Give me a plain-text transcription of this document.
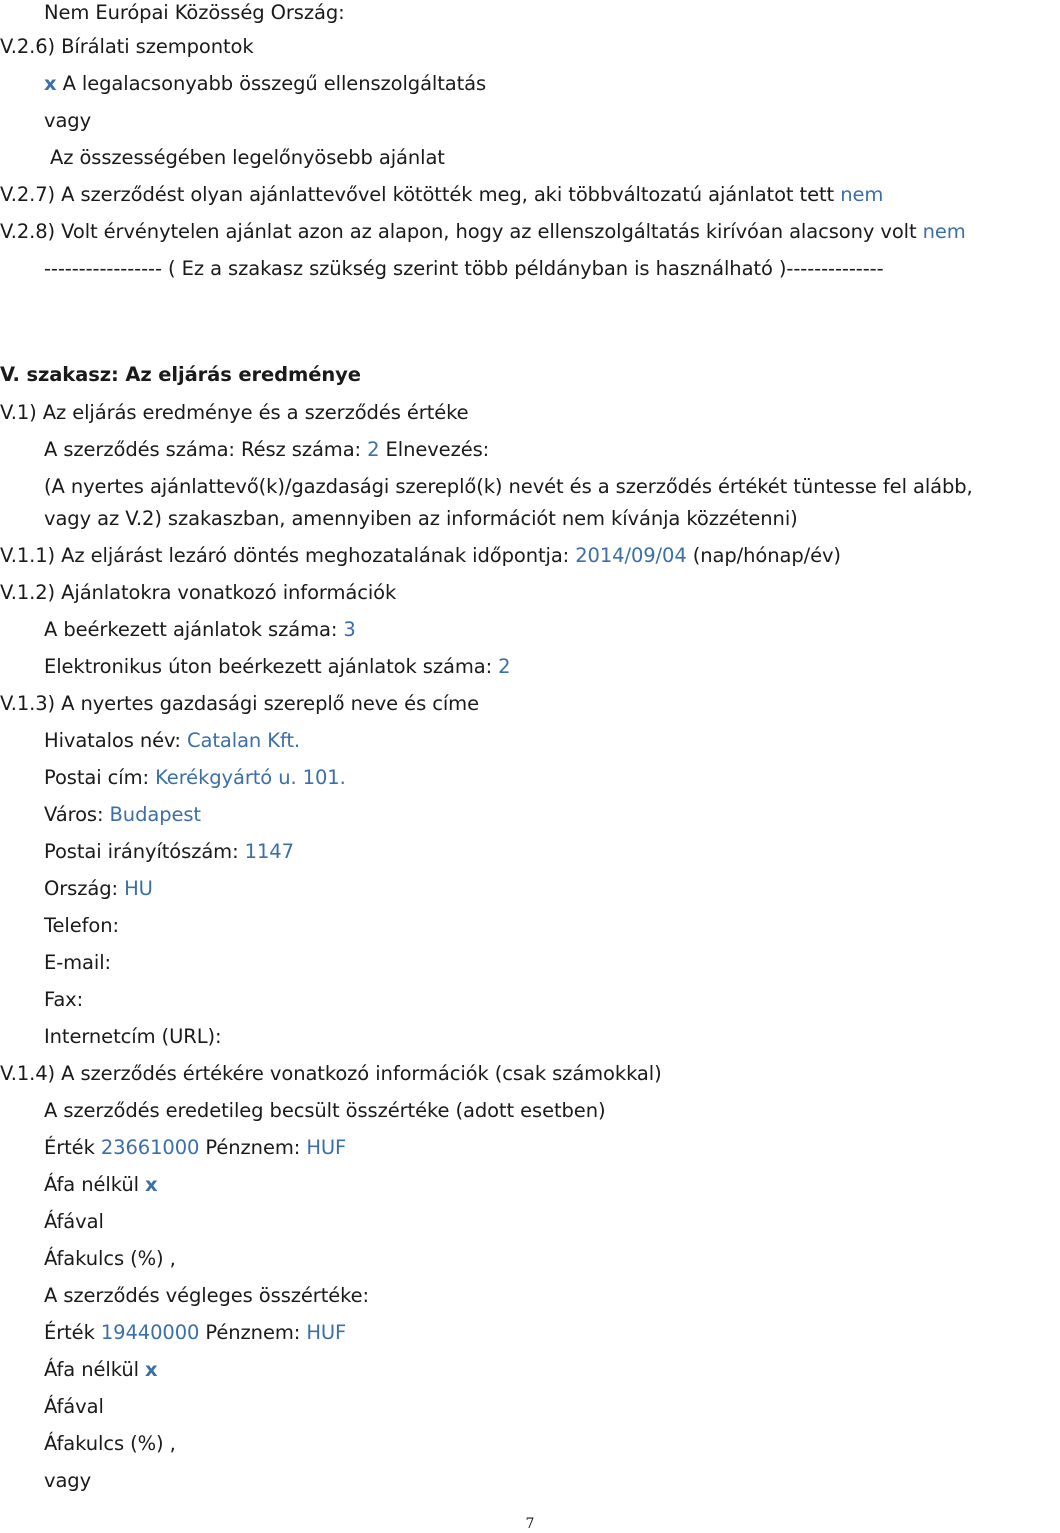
Nem Európai Közösség Ország:
V.2.6) Bírálati szempontok
x A legalacsonyabb összegű ellenszolgáltatás
vagy
Az összességében legelőnyösebb ajánlat
V.2.7) A szerződést olyan ajánlattevővel kötötték meg, aki többváltozatú ajánlatot tett nem
V.2.8) Volt érvénytelen ajánlat azon az alapon, hogy az ellenszolgáltatás kirívóan alacsony volt nem
----------------- ( Ez a szakasz szükség szerint több példányban is használható )--------------
V. szakasz: Az eljárás eredménye
V.1) Az eljárás eredménye és a szerződés értéke
A szerződés száma: Rész száma: 2 Elnevezés:
(A nyertes ajánlattevő(k)/gazdasági szereplő(k) nevét és a szerződés értékét tüntesse fel alább,
vagy az V.2) szakaszban, amennyiben az információt nem kívánja közzétenni)
V.1.1) Az eljárást lezáró döntés meghozatalának időpontja: 2014/09/04 (nap/hónap/év)
V.1.2) Ajánlatokra vonatkozó információk
A beérkezett ajánlatok száma: 3
Elektronikus úton beérkezett ajánlatok száma: 2
V.1.3) A nyertes gazdasági szereplő neve és címe
Hivatalos név: Catalan Kft.
Postai cím: Kerékgyártó u. 101.
Város: Budapest
Postai irányítószám: 1147
Ország: HU
Telefon:
E-mail:
Fax:
Internetcím (URL):
V.1.4) A szerződés értékére vonatkozó információk (csak számokkal)
A szerződés eredetileg becsült összértéke (adott esetben)
Érték 23661000 Pénznem: HUF
Áfa nélkül x
Áfával
Áfakulcs (%) ,
A szerződés végleges összértéke:
Érték 19440000 Pénznem: HUF
Áfa nélkül x
Áfával
Áfakulcs (%) ,
vagy
7
